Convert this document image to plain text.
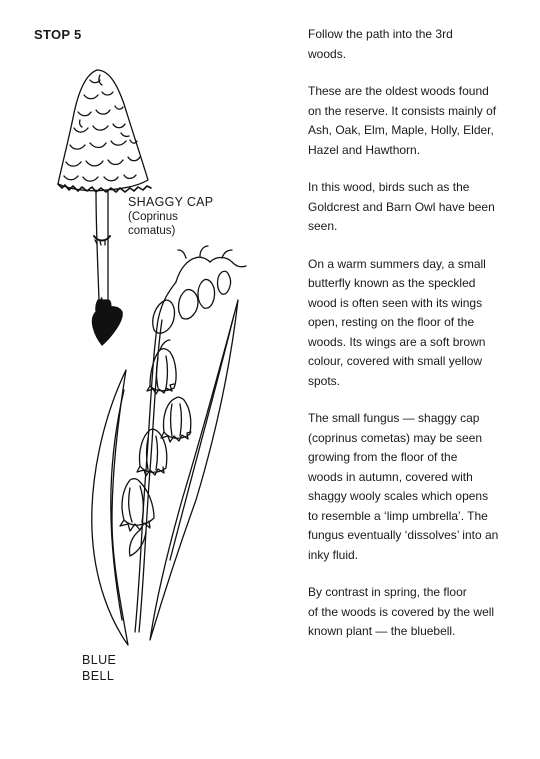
STOP 5
SHAGGY CAP
(Coprinus
comatus)
BLUE
BELL
Follow the path into the 3rd
woods.
These are the oldest woods found
on the reserve. It consists mainly of
Ash, Oak, Elm, Maple, Holly, Elder,
Hazel and Hawthorn.
In this wood, birds such as the
Goldcrest and Barn Owl have been
seen.
On a warm summers day, a small
butterfly known as the speckled
wood is often seen with its wings
open, resting on the floor of the
woods. Its wings are a soft brown
colour, covered with small yellow
spots.
The small fungus — shaggy cap
(coprinus cometas) may be seen
growing from the floor of the
woods in autumn, covered with
shaggy wooly scales which opens
to resemble a ‘limp umbrella’. The
fungus eventually ‘dissolves’ into an
inky fluid.
By contrast in spring, the floor
of the woods is covered by the well
known plant — the bluebell.
